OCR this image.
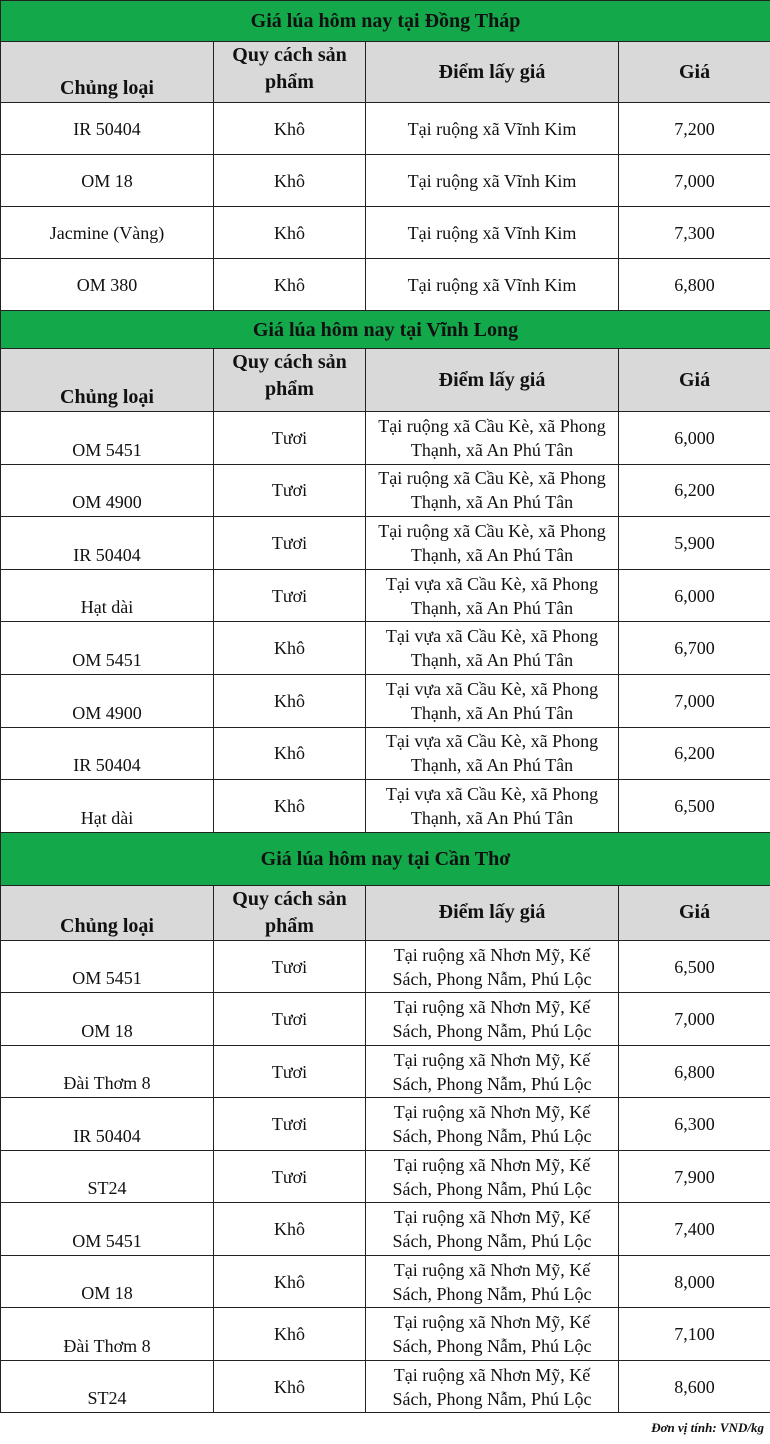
Giá lúa hôm nay tại Đồng Tháp			
Chủng loại	Quy cách sản phẩm	Điểm lấy giá	Giá
IR 50404	Khô	Tại ruộng xã Vĩnh Kim	7,200
OM 18	Khô	Tại ruộng xã Vĩnh Kim	7,000
Jacmine (Vàng)	Khô	Tại ruộng xã Vĩnh Kim	7,300
OM 380	Khô	Tại ruộng xã Vĩnh Kim	6,800
Giá lúa hôm nay tại Vĩnh Long			
Chủng loại	Quy cách sản phẩm	Điểm lấy giá	Giá
OM 5451	Tươi	Tại ruộng xã Cầu Kè, xã Phong Thạnh, xã An Phú Tân	6,000
OM 4900	Tươi	Tại ruộng xã Cầu Kè, xã Phong Thạnh, xã An Phú Tân	6,200
IR 50404	Tươi	Tại ruộng xã Cầu Kè, xã Phong Thạnh, xã An Phú Tân	5,900
Hạt dài	Tươi	Tại vựa xã Cầu Kè, xã Phong Thạnh, xã An Phú Tân	6,000
OM 5451	Khô	Tại vựa xã Cầu Kè, xã Phong Thạnh, xã An Phú Tân	6,700
OM 4900	Khô	Tại vựa xã Cầu Kè, xã Phong Thạnh, xã An Phú Tân	7,000
IR 50404	Khô	Tại vựa xã Cầu Kè, xã Phong Thạnh, xã An Phú Tân	6,200
Hạt dài	Khô	Tại vựa xã Cầu Kè, xã Phong Thạnh, xã An Phú Tân	6,500
Giá lúa hôm nay tại Cần Thơ			
Chủng loại	Quy cách sản phẩm	Điểm lấy giá	Giá
OM 5451	Tươi	Tại ruộng xã Nhơn Mỹ, Kế Sách, Phong Nẫm, Phú Lộc	6,500
OM 18	Tươi	Tại ruộng xã Nhơn Mỹ, Kế Sách, Phong Nẫm, Phú Lộc	7,000
Đài Thơm 8	Tươi	Tại ruộng xã Nhơn Mỹ, Kế Sách, Phong Nẫm, Phú Lộc	6,800
IR 50404	Tươi	Tại ruộng xã Nhơn Mỹ, Kế Sách, Phong Nẫm, Phú Lộc	6,300
ST24	Tươi	Tại ruộng xã Nhơn Mỹ, Kế Sách, Phong Nẫm, Phú Lộc	7,900
OM 5451	Khô	Tại ruộng xã Nhơn Mỹ, Kế Sách, Phong Nẫm, Phú Lộc	7,400
OM 18	Khô	Tại ruộng xã Nhơn Mỹ, Kế Sách, Phong Nẫm, Phú Lộc	8,000
Đài Thơm 8	Khô	Tại ruộng xã Nhơn Mỹ, Kế Sách, Phong Nẫm, Phú Lộc	7,100
ST24	Khô	Tại ruộng xã Nhơn Mỹ, Kế Sách, Phong Nẫm, Phú Lộc	8,600
Đơn vị tính: VND/kg
